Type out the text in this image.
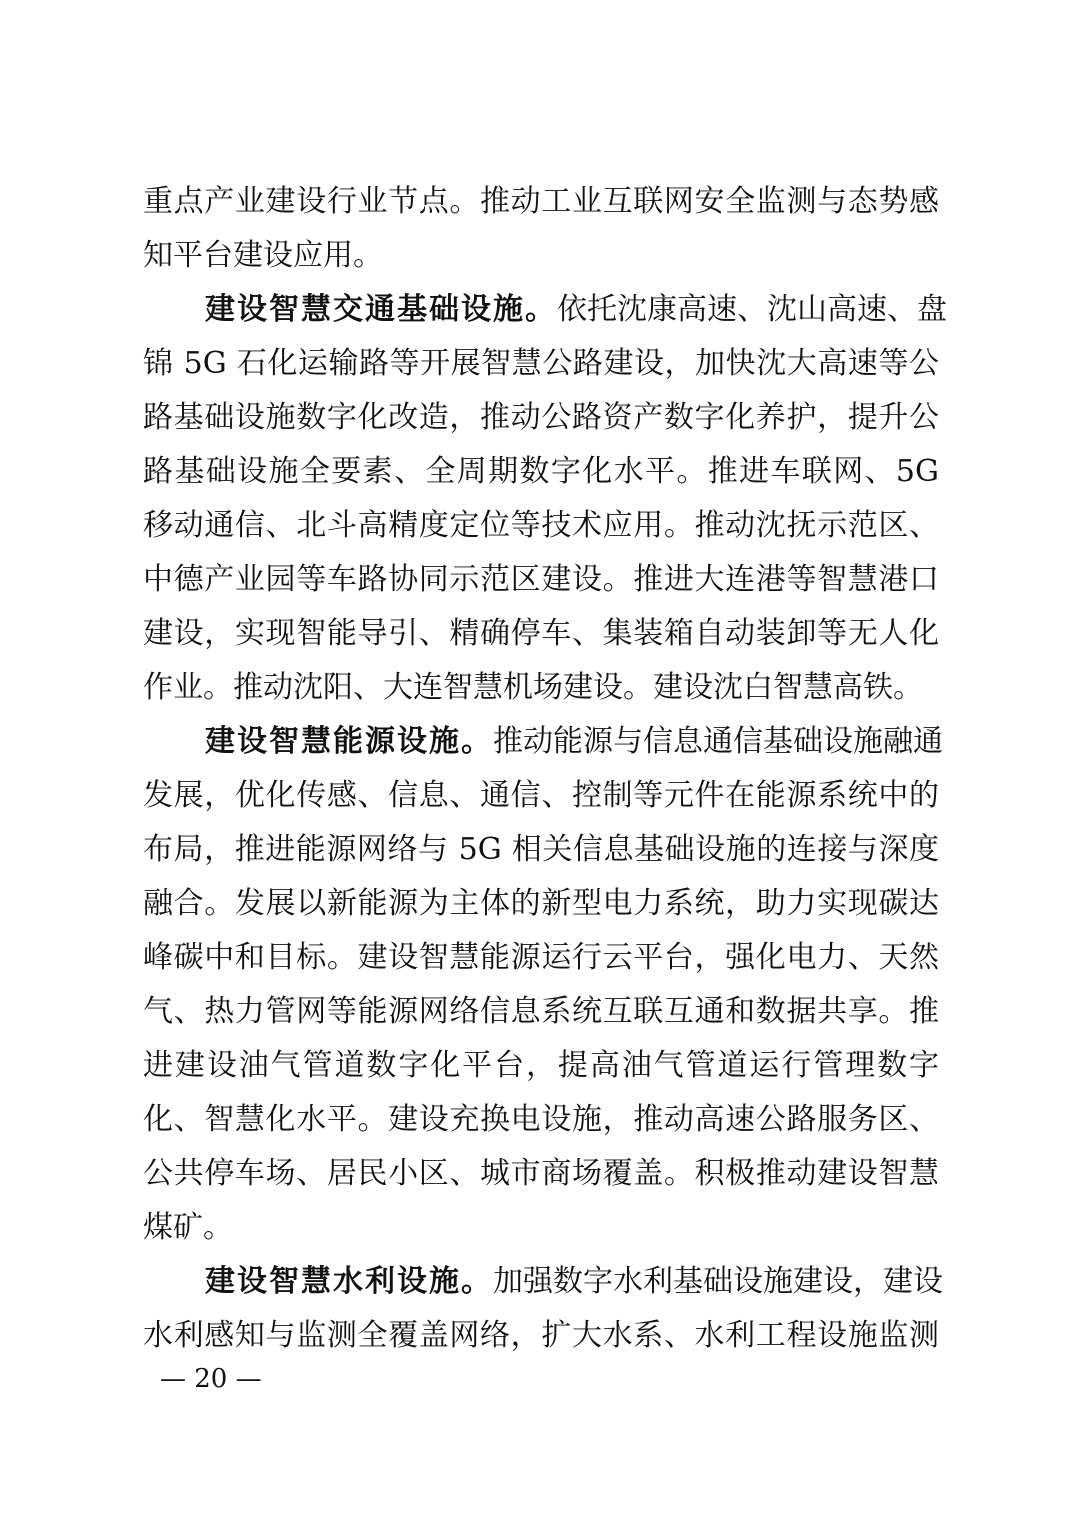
重点产业建设行业节点。推动工业互联网安全监测与态势感
知平台建设应用。
建设智慧交通基础设施。依托沈康高速、沈山高速、盘
锦 5G 石化运输路等开展智慧公路建设，加快沈大高速等公
路基础设施数字化改造，推动公路资产数字化养护，提升公
路基础设施全要素、全周期数字化水平。推进车联网、5G
移动通信、北斗高精度定位等技术应用。推动沈抚示范区、
中德产业园等车路协同示范区建设。推进大连港等智慧港口
建设，实现智能导引、精确停车、集装箱自动装卸等无人化
作业。推动沈阳、大连智慧机场建设。建设沈白智慧高铁。
建设智慧能源设施。推动能源与信息通信基础设施融通
发展，优化传感、信息、通信、控制等元件在能源系统中的
布局，推进能源网络与 5G 相关信息基础设施的连接与深度
融合。发展以新能源为主体的新型电力系统，助力实现碳达
峰碳中和目标。建设智慧能源运行云平台，强化电力、天然
气、热力管网等能源网络信息系统互联互通和数据共享。推
进建设油气管道数字化平台，提高油气管道运行管理数字
化、智慧化水平。建设充换电设施，推动高速公路服务区、
公共停车场、居民小区、城市商场覆盖。积极推动建设智慧
煤矿。
建设智慧水利设施。加强数字水利基础设施建设，建设
水利感知与监测全覆盖网络，扩大水系、水利工程设施监测
— 20 —
